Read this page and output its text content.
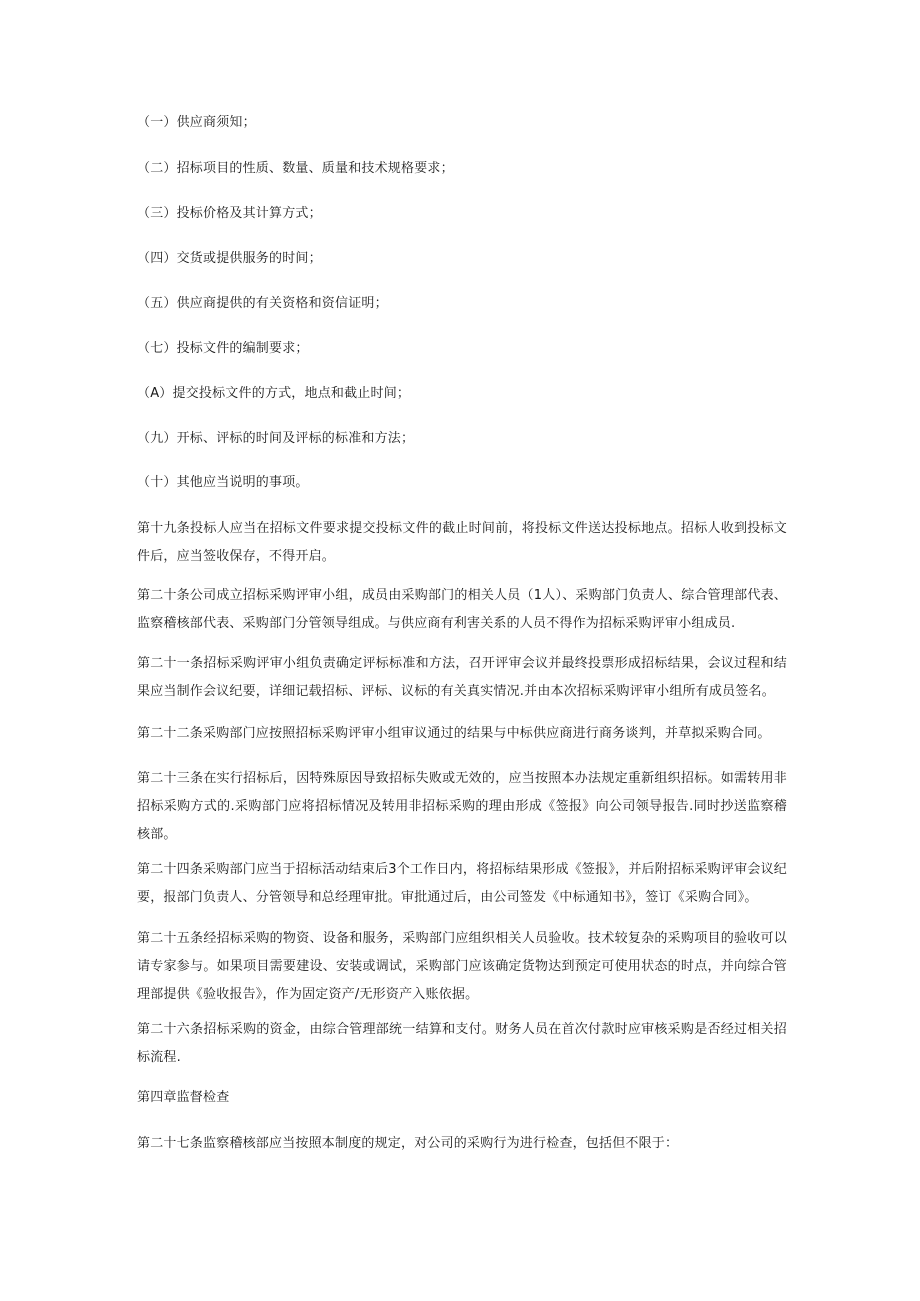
（一）供应商须知；
（二）招标项目的性质、数量、质量和技术规格要求；
（三）投标价格及其计算方式；
（四）交货或提供服务的时间；
（五）供应商提供的有关资格和资信证明；
（七）投标文件的编制要求；
（A）提交投标文件的方式，地点和截止时间；
（九）开标、评标的时间及评标的标准和方法；
（十）其他应当说明的事项。
第十九条投标人应当在招标文件要求提交投标文件的截止时间前，将投标文件送达投标地点。招标人收到投标文件后，应当签收保存，不得开启。
第二十条公司成立招标采购评审小组，成员由采购部门的相关人员（1人）、采购部门负责人、综合管理部代表、监察稽核部代表、采购部门分管领导组成。与供应商有利害关系的人员不得作为招标采购评审小组成员.
第二十一条招标采购评审小组负责确定评标标准和方法，召开评审会议并最终投票形成招标结果，会议过程和结果应当制作会议纪要，详细记载招标、评标、议标的有关真实情况.并由本次招标采购评审小组所有成员签名。
第二十二条采购部门应按照招标采购评审小组审议通过的结果与中标供应商进行商务谈判，并草拟采购合同。
第二十三条在实行招标后，因特殊原因导致招标失败或无效的，应当按照本办法规定重新组织招标。如需转用非招标采购方式的.采购部门应将招标情况及转用非招标采购的理由形成《签报》向公司领导报告.同时抄送监察稽核部。
第二十四条采购部门应当于招标活动结束后3个工作日内，将招标结果形成《签报》，并后附招标采购评审会议纪要，报部门负责人、分管领导和总经理审批。审批通过后，由公司签发《中标通知书》，签订《采购合同》。
第二十五条经招标采购的物资、设备和服务，采购部门应组织相关人员验收。技术较复杂的采购项目的验收可以请专家参与。如果项目需要建设、安装或调试，采购部门应该确定货物达到预定可使用状态的时点，并向综合管理部提供《验收报告》，作为固定资产/无形资产入账依据。
第二十六条招标采购的资金，由综合管理部统一结算和支付。财务人员在首次付款时应审核采购是否经过相关招标流程.
第四章监督检查
第二十七条监察稽核部应当按照本制度的规定，对公司的采购行为进行检查，包括但不限于：
